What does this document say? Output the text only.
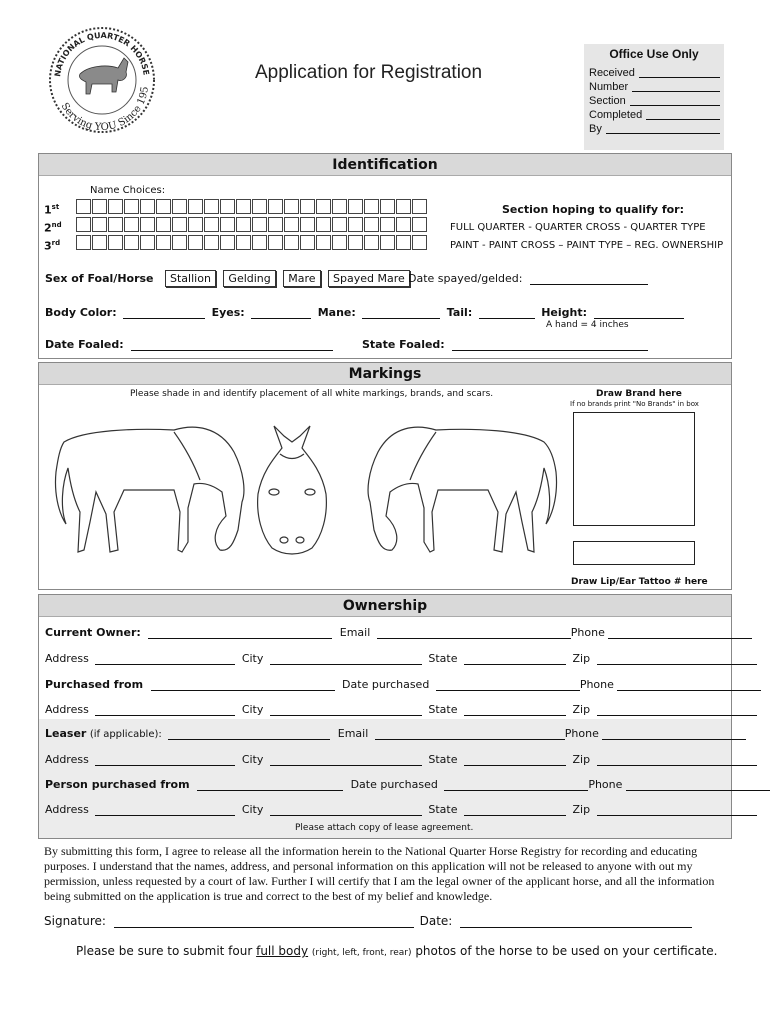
NATIONAL QUARTER HORSE
Serving YOU Since 195
Application for Registration
Office Use Only
Received
Number
Section
Completed
By
Identification
Name Choices:
1st
2nd
3rd
Section hoping to qualify for:
FULL QUARTER - QUARTER CROSS - QUARTER TYPE
PAINT - PAINT CROSS – PAINT TYPE – REG. OWNERSHIP
Sex of Foal/Horse Stallion Gelding Mare Spayed Mare Date spayed/gelded:
Body Color:	Eyes:	Mane:	Tail:	Height:
A hand = 4 inches
Date Foaled:	State Foaled:
Markings
Please shade in and identify placement of all white markings, brands, and scars.	Draw Brand here
If no brands print "No Brands" in box
Draw Lip/Ear Tattoo # here
Ownership
Current Owner:	Email	Phone
Address	City	State	Zip
Purchased from	Date purchased	Phone
Address	City	State	Zip
Leaser (if applicable):	Email	Phone
Address	City	State	Zip
Person purchased from	Date purchased	Phone
Address	City	State	Zip
Please attach copy of lease agreement.
By submitting this form, I agree to release all the information herein to the National Quarter Horse Registry for recording and educating purposes. I understand that the names, address, and personal information on this application will not be released to anyone with out my permission, unless requested by a court of law. Further I will certify that I am the legal owner of the applicant horse, and all the information being submitted on the application is true and correct to the best of my belief and knowledge.
Signature:	Date:
Please be sure to submit four full body (right, left, front, rear) photos of the horse to be used on your certificate.
